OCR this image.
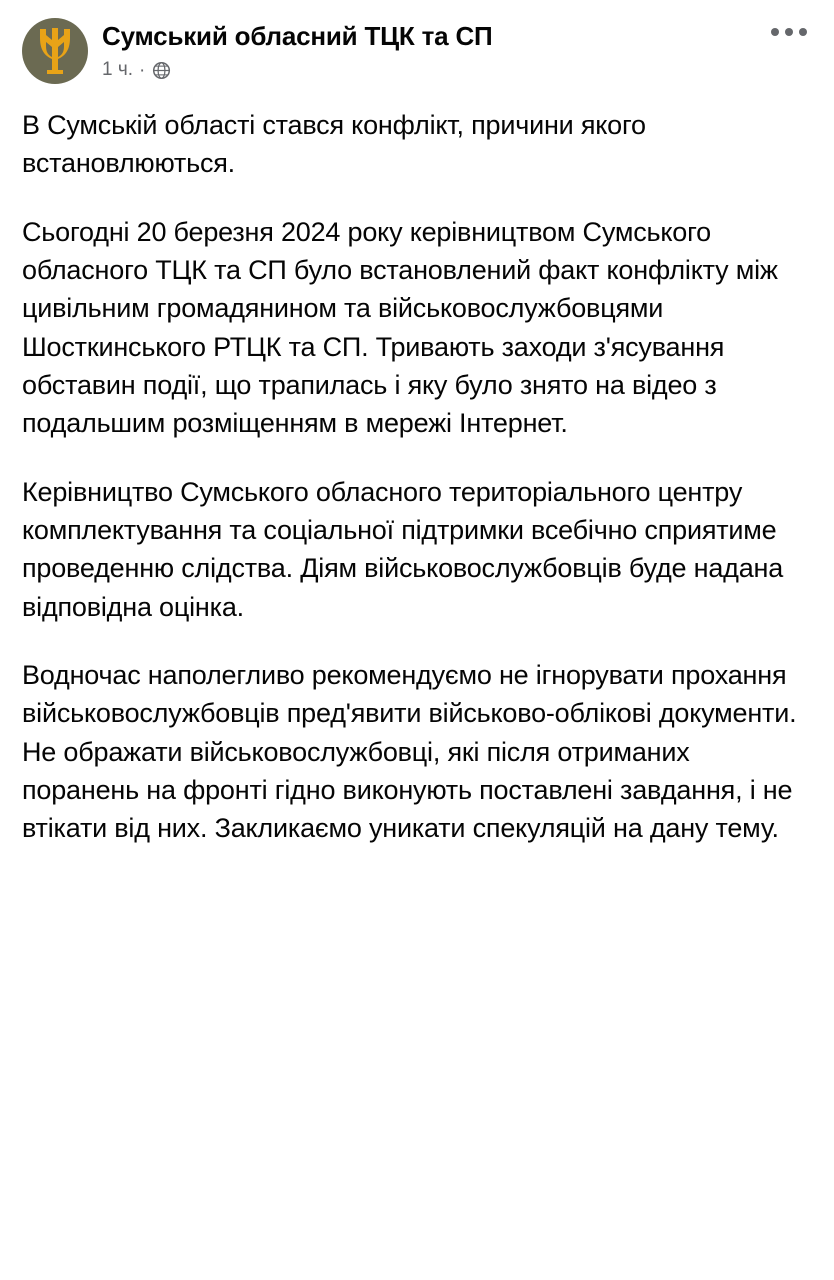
Сумський обласний ТЦК та СП
1 ч. ·

В Сумській області стався конфлікт, причини якого встановлюються.

Сьогодні 20 березня 2024 року керівництвом Сумського обласного ТЦК та СП було встановлений факт конфлікту між цивільним громадянином та військовослужбовцями Шосткинського РТЦК та СП. Тривають заходи з'ясування обставин події, що трапилась і яку було знято на відео з подальшим розміщенням в мережі Інтернет.

Керівництво Сумського обласного територіального центру комплектування та соціальної підтримки всебічно сприятиме проведенню слідства. Діям військовослужбовців буде надана відповідна оцінка.

Водночас наполегливо рекомендуємо не ігнорувати прохання військовослужбовців пред'явити військово-облікові документи. Не ображати військовослужбовці, які після отриманих поранень на фронті гідно виконують поставлені завдання, і не втікати від них. Закликаємо уникати спекуляцій на дану тему.
